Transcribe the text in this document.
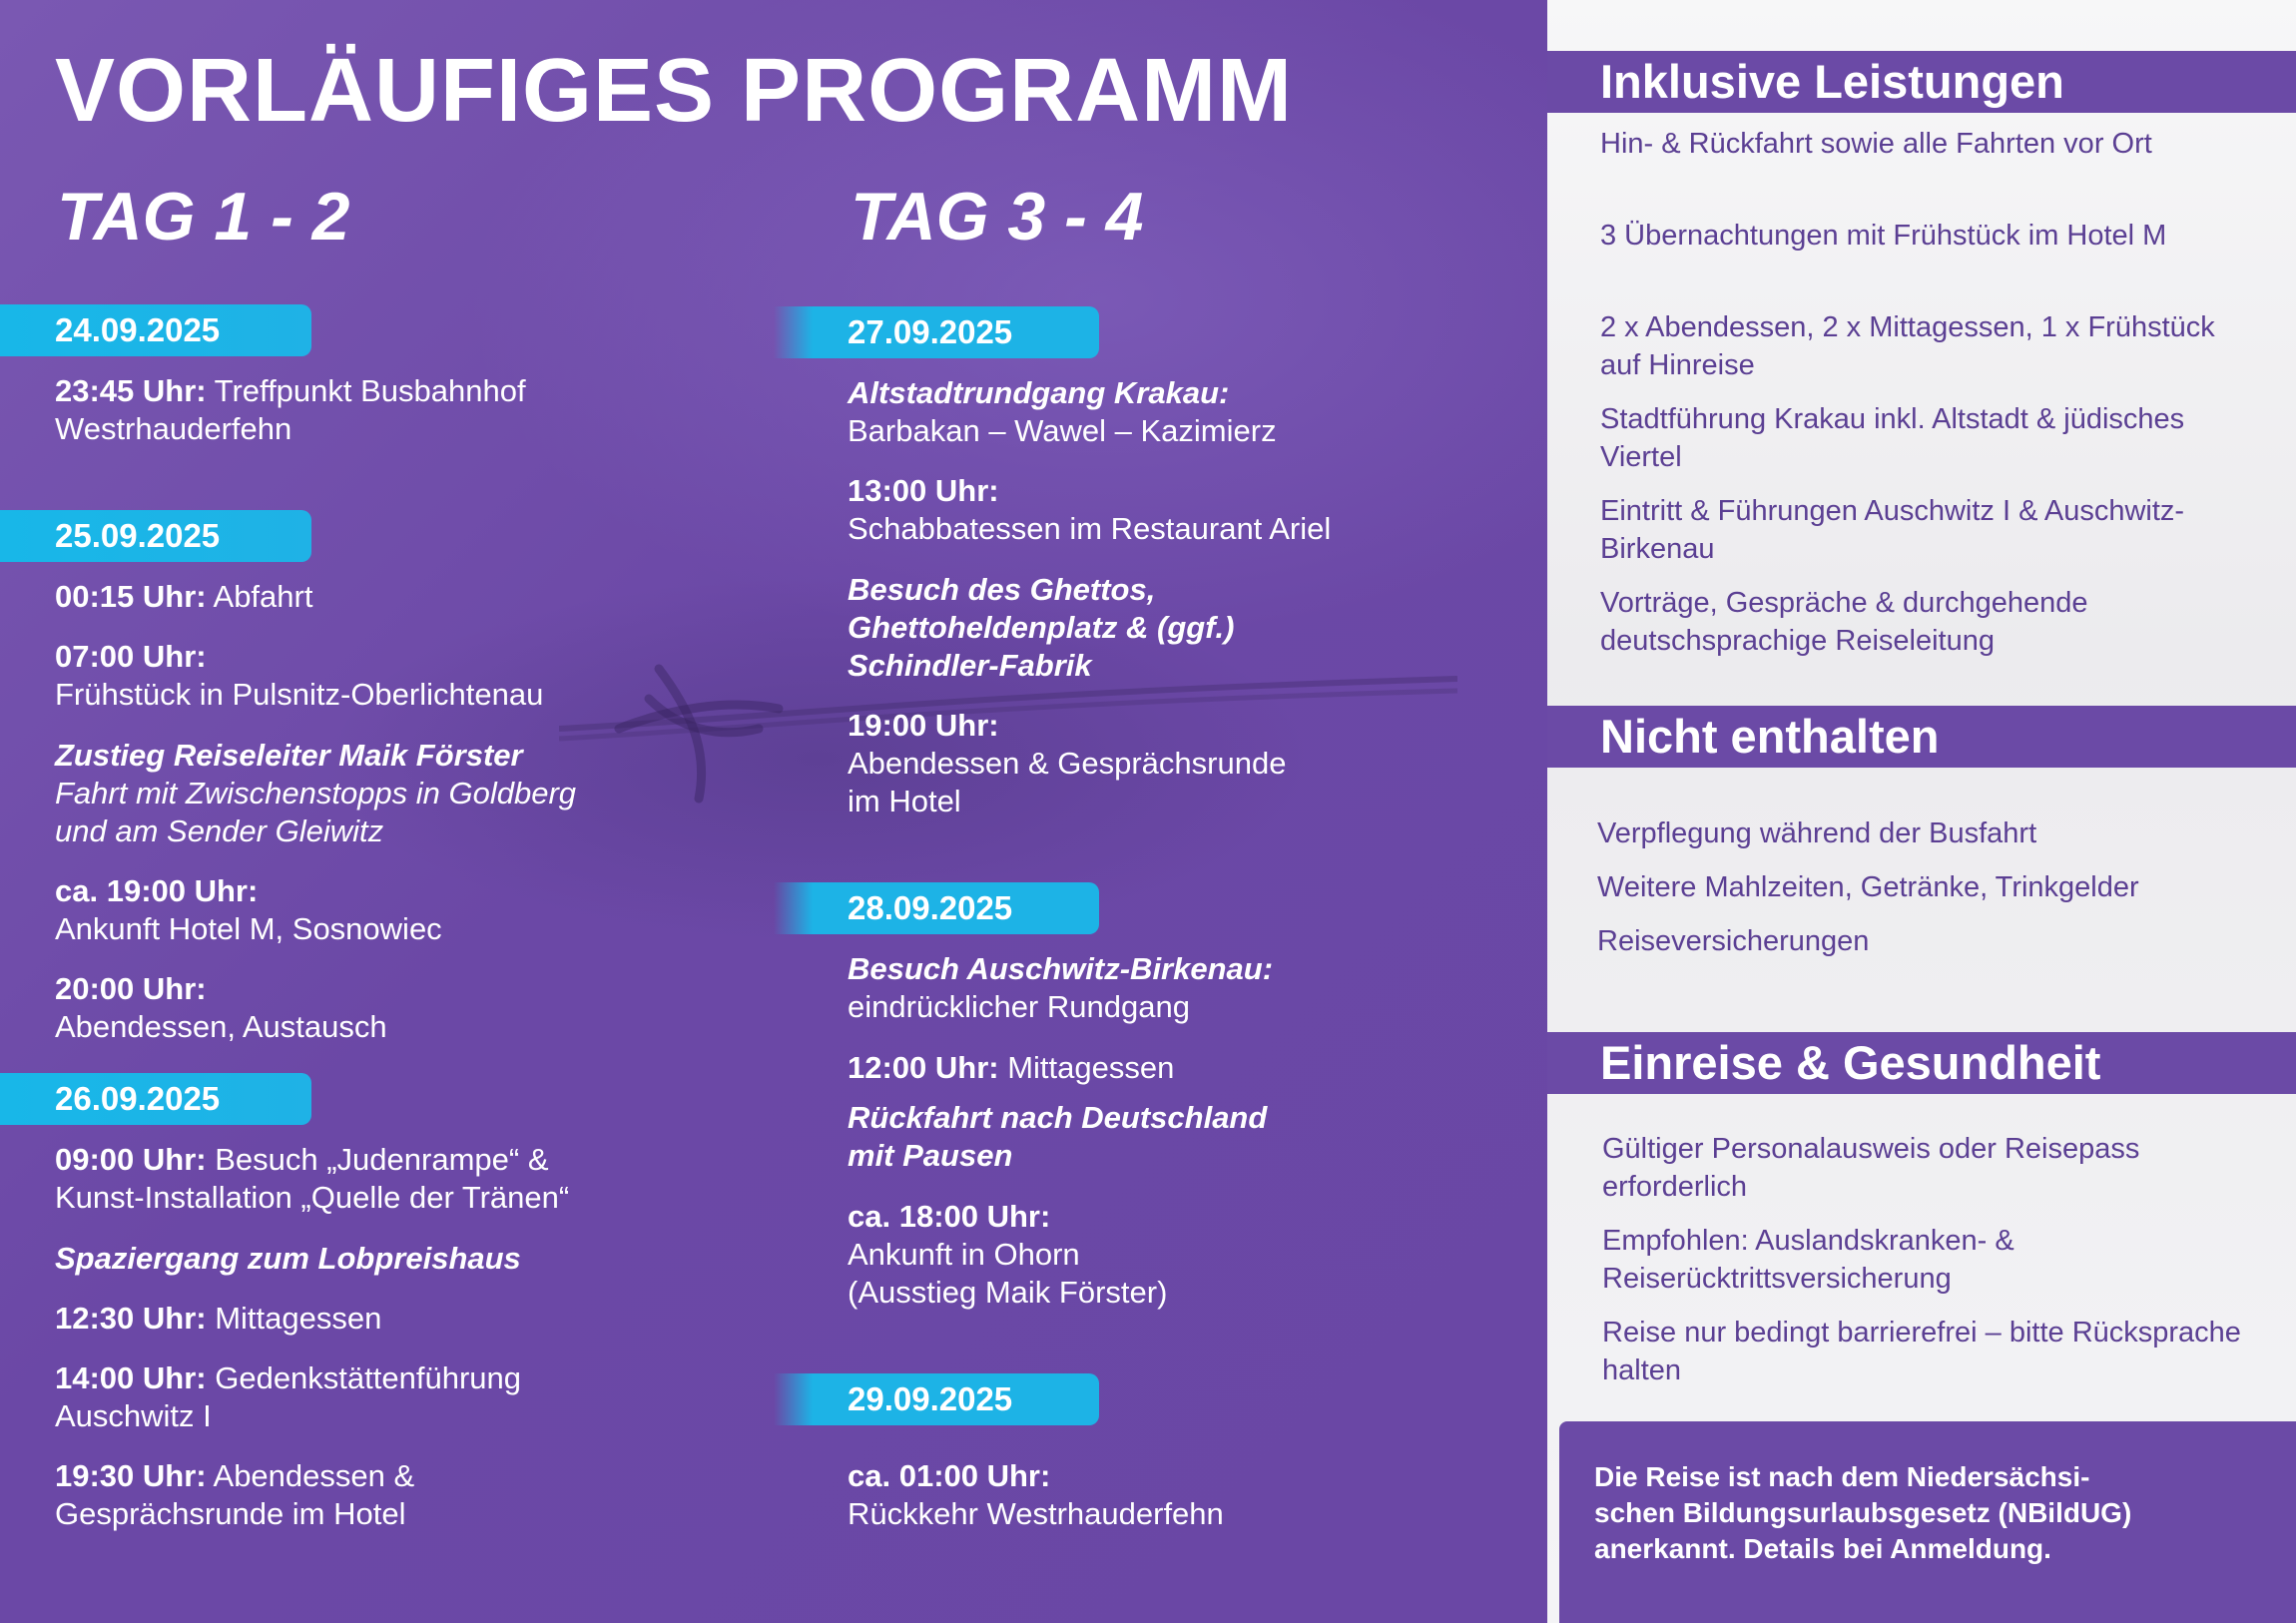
VORLÄUFIGES PROGRAMM
TAG 1 - 2	TAG 3 - 4
24.09.2025
23:45 Uhr: Treffpunkt Busbahnhof
Westrhauderfehn
25.09.2025
00:15 Uhr: Abfahrt
07:00 Uhr:
Frühstück in Pulsnitz-Oberlichtenau
Zustieg Reiseleiter Maik Förster
Fahrt mit Zwischenstopps in Goldberg
und am Sender Gleiwitz
ca. 19:00 Uhr:
Ankunft Hotel M, Sosnowiec
20:00 Uhr:
Abendessen, Austausch
26.09.2025
09:00 Uhr: Besuch „Judenrampe“ &
Kunst-Installation „Quelle der Tränen“
Spaziergang zum Lobpreishaus
12:30 Uhr: Mittagessen
14:00 Uhr: Gedenkstättenführung
Auschwitz I
19:30 Uhr: Abendessen &
Gesprächsrunde im Hotel
27.09.2025
Altstadtrundgang Krakau:
Barbakan – Wawel – Kazimierz
13:00 Uhr:
Schabbatessen im Restaurant Ariel
Besuch des Ghettos,
Ghettoheldenplatz & (ggf.)
Schindler-Fabrik
19:00 Uhr:
Abendessen & Gesprächsrunde
im Hotel
28.09.2025
Besuch Auschwitz-Birkenau:
eindrücklicher Rundgang
12:00 Uhr: Mittagessen
Rückfahrt nach Deutschland
mit Pausen
ca. 18:00 Uhr:
Ankunft in Ohorn
(Ausstieg Maik Förster)
29.09.2025
ca. 01:00 Uhr:
Rückkehr Westrhauderfehn
Inklusive Leistungen
Hin- & Rückfahrt sowie alle Fahrten vor Ort
3 Übernachtungen mit Frühstück im Hotel M
2 x Abendessen, 2 x Mittagessen, 1 x Frühstück auf Hinreise
Stadtführung Krakau inkl. Altstadt & jüdisches Viertel
Eintritt & Führungen Auschwitz I & Auschwitz-Birkenau
Vorträge, Gespräche & durchgehende deutschsprachige Reiseleitung
Nicht enthalten
Verpflegung während der Busfahrt
Weitere Mahlzeiten, Getränke, Trinkgelder
Reiseversicherungen
Einreise & Gesundheit
Gültiger Personalausweis oder Reisepass erforderlich
Empfohlen: Auslandskranken- & Reiserücktrittsversicherung
Reise nur bedingt barrierefrei – bitte Rücksprache halten
Die Reise ist nach dem Niedersächsi-
schen Bildungsurlaubsgesetz (NBildUG)
anerkannt. Details bei Anmeldung.
